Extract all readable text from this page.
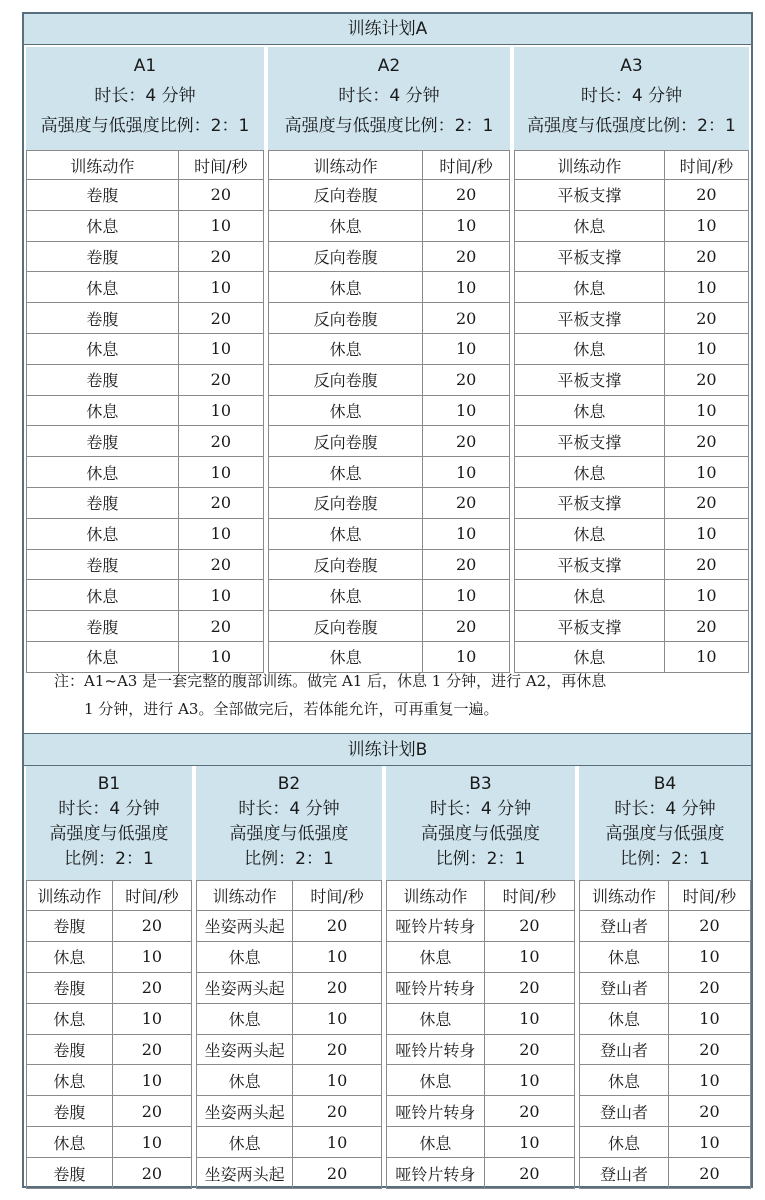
训练计划A
A1
时长：4 分钟
高强度与低强度比例：2：1
训练动作	时间/秒
卷腹	20
休息	10
卷腹	20
休息	10
卷腹	20
休息	10
卷腹	20
休息	10
卷腹	20
休息	10
卷腹	20
休息	10
卷腹	20
休息	10
卷腹	20
休息	10
A2
时长：4 分钟
高强度与低强度比例：2：1
训练动作	时间/秒
反向卷腹	20
休息	10
反向卷腹	20
休息	10
反向卷腹	20
休息	10
反向卷腹	20
休息	10
反向卷腹	20
休息	10
反向卷腹	20
休息	10
反向卷腹	20
休息	10
反向卷腹	20
休息	10
A3
时长：4 分钟
高强度与低强度比例：2：1
训练动作	时间/秒
平板支撑	20
休息	10
平板支撑	20
休息	10
平板支撑	20
休息	10
平板支撑	20
休息	10
平板支撑	20
休息	10
平板支撑	20
休息	10
平板支撑	20
休息	10
平板支撑	20
休息	10
注：A1~A3 是一套完整的腹部训练。做完 A1 后，休息 1 分钟，进行 A2，再休息
1 分钟，进行 A3。全部做完后，若体能允许，可再重复一遍。
训练计划B
B1
时长：4 分钟
高强度与低强度
比例：2：1
训练动作	时间/秒
卷腹	20
休息	10
卷腹	20
休息	10
卷腹	20
休息	10
卷腹	20
休息	10
卷腹	20
B2
时长：4 分钟
高强度与低强度
比例：2：1
训练动作	时间/秒
坐姿两头起	20
休息	10
坐姿两头起	20
休息	10
坐姿两头起	20
休息	10
坐姿两头起	20
休息	10
坐姿两头起	20
B3
时长：4 分钟
高强度与低强度
比例：2：1
训练动作	时间/秒
哑铃片转身	20
休息	10
哑铃片转身	20
休息	10
哑铃片转身	20
休息	10
哑铃片转身	20
休息	10
哑铃片转身	20
B4
时长：4 分钟
高强度与低强度
比例：2：1
训练动作	时间/秒
登山者	20
休息	10
登山者	20
休息	10
登山者	20
休息	10
登山者	20
休息	10
登山者	20
